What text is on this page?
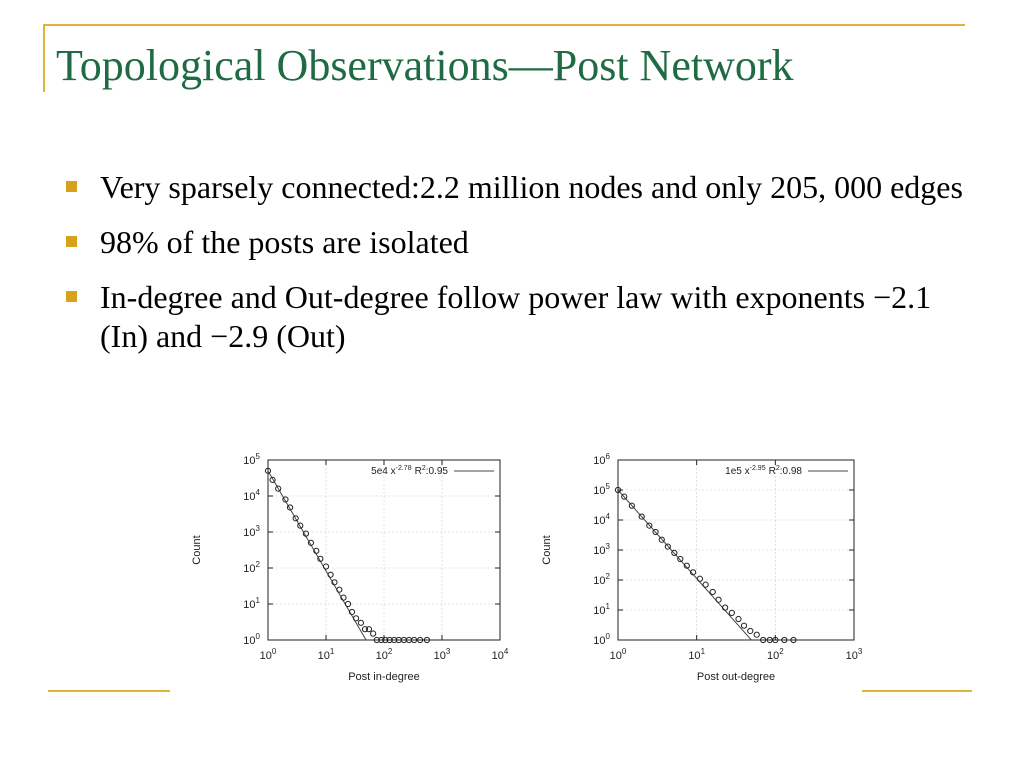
Topological Observations—Post Network
Very sparsely connected:2.2 million nodes and only 205, 000 edges
98% of the posts are isolated
In-degree and Out-degree follow power law with exponents −2.1 (In) and −2.9 (Out)
$10^0$	$10^1$	$10^2$	$10^3$	$10^4$
$10^0$
$10^1$
$10^2$
$10^3$
$10^4$
$10^5$
Post in-degree
Count
5e4 $x^{-2.78}$ $R^2:0.95$
$10^0$	$10^1$	$10^2$	$10^3$
$10^0$
$10^1$
$10^2$
$10^3$
$10^4$
$10^5$
$10^6$
Post out-degree
Count
1e5 $x^{-2.95}$ $R^2:0.98$
